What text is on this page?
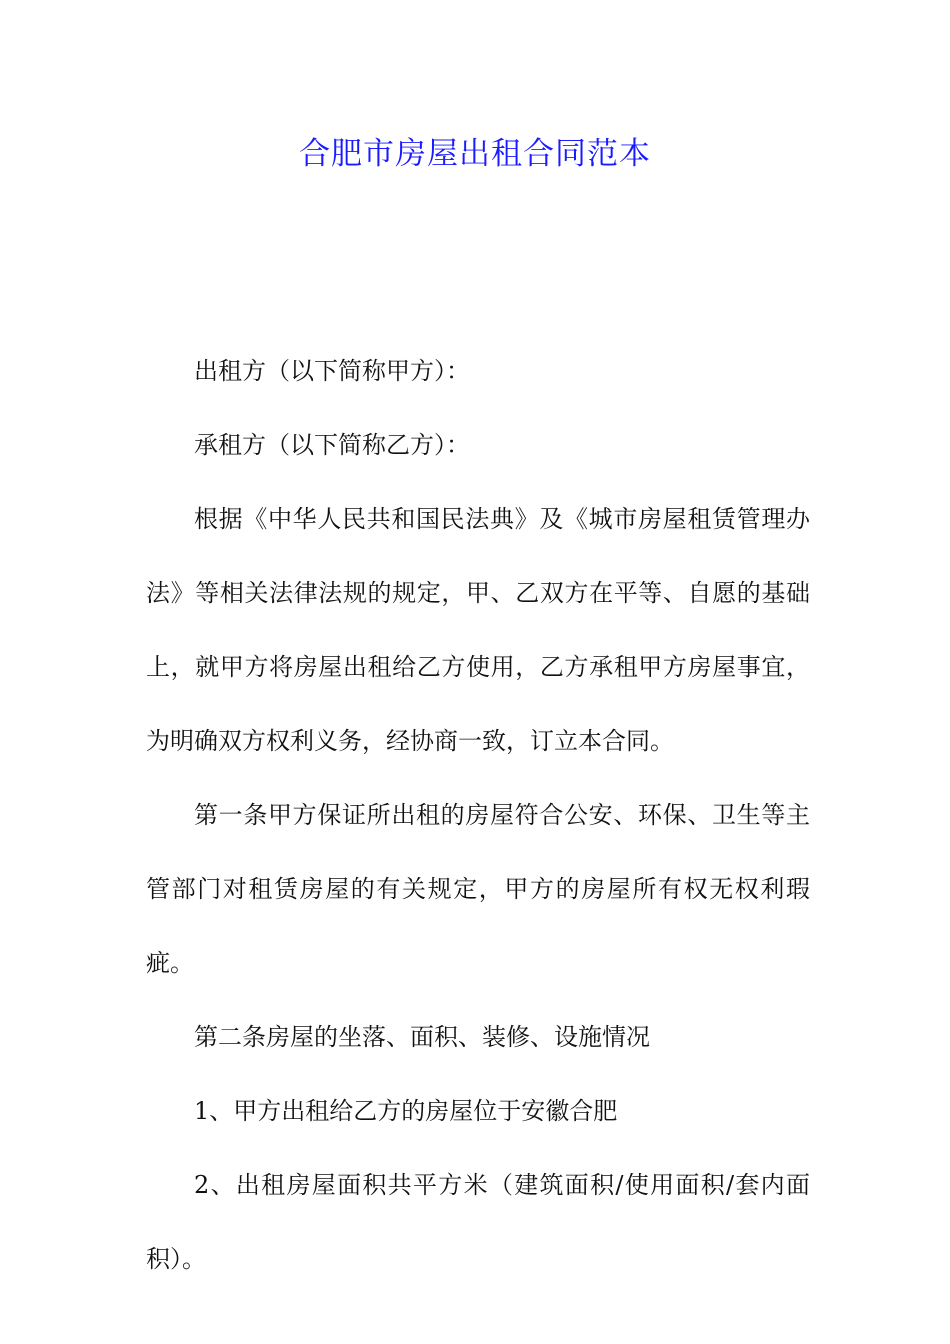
合肥市房屋出租合同范本

出租方（以下简称甲方）：

承租方（以下简称乙方）：

根据《中华人民共和国民法典》及《城市房屋租赁管理办法》等相关法律法规的规定，甲、乙双方在平等、自愿的基础上，就甲方将房屋出租给乙方使用，乙方承租甲方房屋事宜，为明确双方权利义务，经协商一致，订立本合同。

第一条甲方保证所出租的房屋符合公安、环保、卫生等主管部门对租赁房屋的有关规定，甲方的房屋所有权无权利瑕疵。

第二条房屋的坐落、面积、装修、设施情况

1、甲方出租给乙方的房屋位于安徽合肥

2、出租房屋面积共平方米（建筑面积/使用面积/套内面积）。
